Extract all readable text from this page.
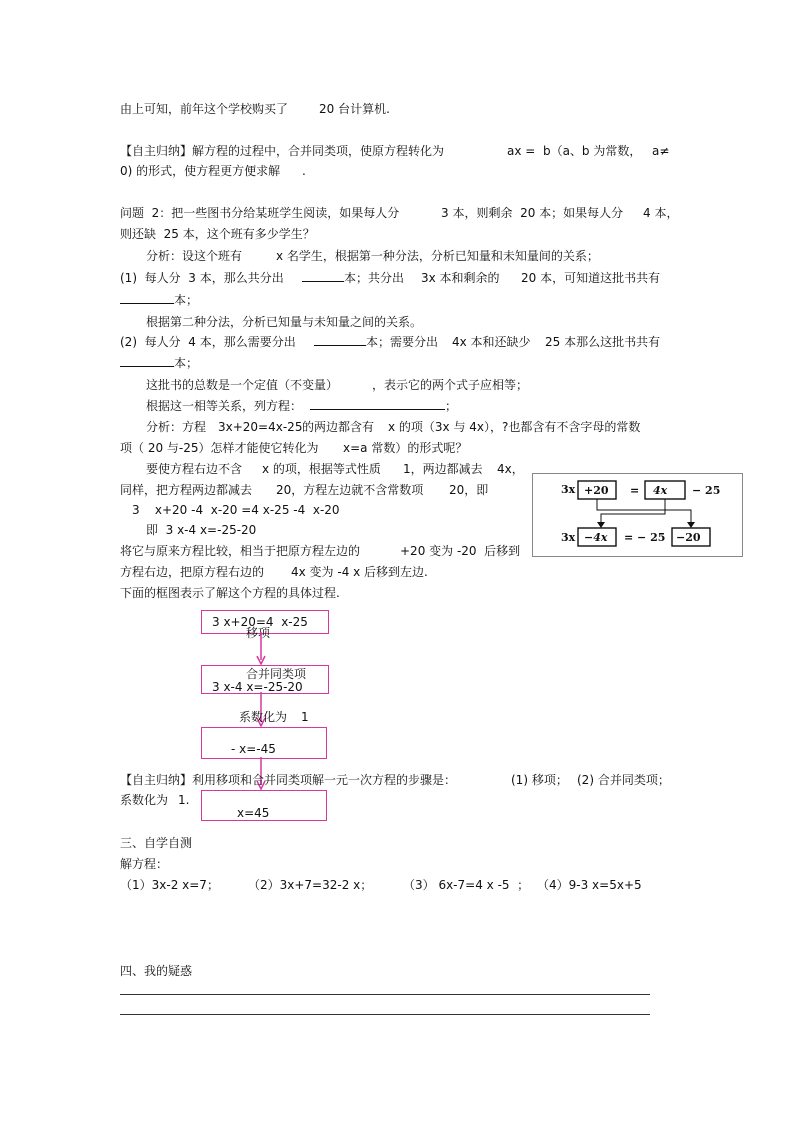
由上可知，前年这个学校购买了	20 台计算机.
【自主归纳】解方程的过程中，合并同类项，使原方程转化为	ax =  b（a、b 为常数， a≠
0) 的形式，使方程更方便求解 .
问题  2：把一些图书分给某班学生阅读，如果每人分	3 本，则剩余  20 本；如果每人分 4 本，
则还缺  25 本，这个班有多少学生？
分析：设这个班有	x 名学生，根据第一种分法，分析已知量和未知量间的关系；
(1)  每人分  3 本，那么共分出	本；共分出 3x 本和剩余的 20 本，可知道这批书共有
本；
根据第二种分法，分析已知量与未知量之间的关系。
(2)  每人分  4 本，那么需要分出	本；需要分出 4x 本和还缺少 25 本那么这批书共有
本；
这批书的总数是一个定值（不变量）	，表示它的两个式子应相等；
根据这一相等关系，列方程：	；
分析：方程 3x+20=4x-25 的两边都含有 x 的项（3x 与 4x），?也都含有不含字母的常数
项（ 20 与-25）怎样才能使它转化为 x=a 常数）的形式呢？
要使方程右边不含 x 的项，根据等式性质 1，两边都减去 4x，
同样，把方程两边都减去 20，方程左边就不含常数项 20，即
3    x+20 -4  x-20 =4 x-25 -4  x-20
即  3 x-4 x=-25-20
将它与原来方程比较，相当于把原方程左边的	+20 变为 -20  后移到
方程右边，把原方程右边的 4x 变为 -4 x 后移到左边.
下面的框图表示了解这个方程的具体过程.
3x +20 = 4x − 25
3x −4x = − 25 −20
3 x+20=4  x-25
移项
合并同类项
3 x-4 x=-25-20
系数化为 1
- x=-45
【自主归纳】利用移项和合并同类项解一元一次方程的步骤是：	(1) 移项； (2) 合并同类项；
系数化为 1.
x=45
三、自学自测
解方程：
（1）3x-2 x=7； （2）3x+7=32-2 x；	（3） 6x-7=4 x -5  ； （4）9-3 x=5x+5
四、我的疑惑
